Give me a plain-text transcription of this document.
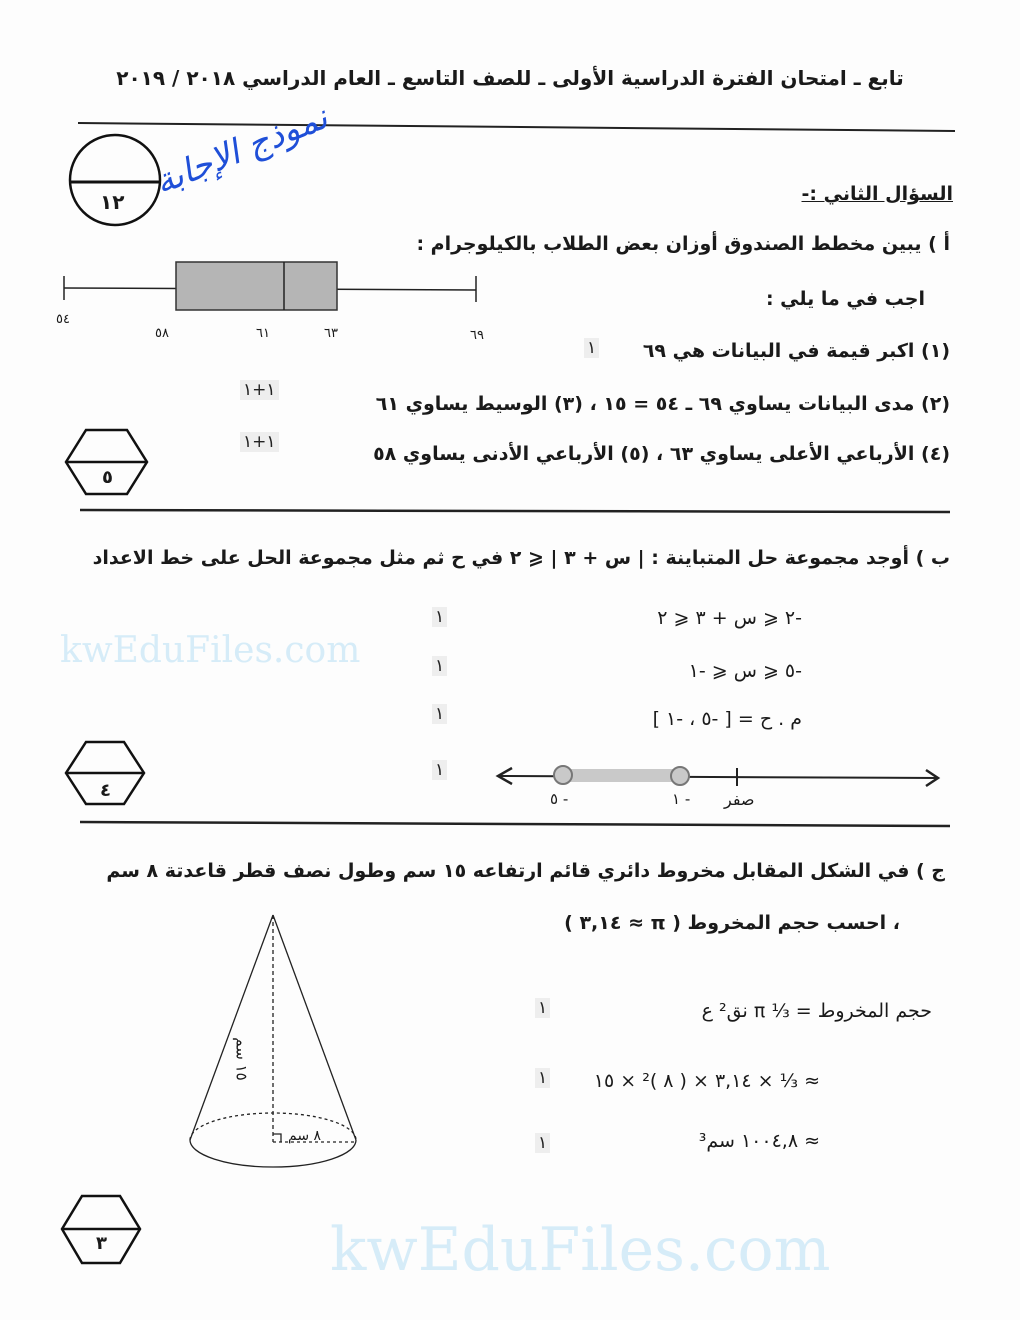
kwEduFiles.com
kwEduFiles.com
نموذج الإجابة
تابع ـ امتحان الفترة الدراسية الأولى ـ للصف التاسع ـ العام الدراسي ٢٠١٨ / ٢٠١٩
١٢	السؤال الثاني :-
أ ) يبين مخطط الصندوق أوزان بعض الطلاب بالكيلوجرام :
اجب في ما يلي :
٥٤
٥٨	٦١	٦٣	٦٩
(١) اكبر قيمة في البيانات هي ٦٩
١
(٢) مدى البيانات يساوي ٦٩ ـ ٥٤ = ١٥ ، (٣) الوسيط يساوي ٦١
١+١
(٤) الأرباعي الأعلى يساوي ٦٣ ، (٥) الأرباعي الأدنى يساوي ٥٨
١+١
٥
ب ) أوجد مجموعة حل المتباينة : | س + ٣ | ⩽ ٢ في ح ثم مثل مجموعة الحل على خط الاعداد
-٢ ⩽ س + ٣ ⩽ ٢
١
-٥ ⩽ س ⩽ -١
١
م . ح = [ -٥ ، -١ ]
١
١
٥ -	١ - صفر
٤
ج ) في الشكل المقابل مخروط دائري قائم ارتفاعه ١٥ سم وطول نصف قطر قاعدتة ٨ سم
، احسب حجم المخروط ( π ≈ ٣,١٤ )
١٥ سم
٨ سم
حجم المخروط = ⅓ π نق² ع
١
≈ ⅓ × ٣,١٤ × ( ٨ )² × ١٥
١
≈ ١٠٠٤,٨ سم³
١
٣
